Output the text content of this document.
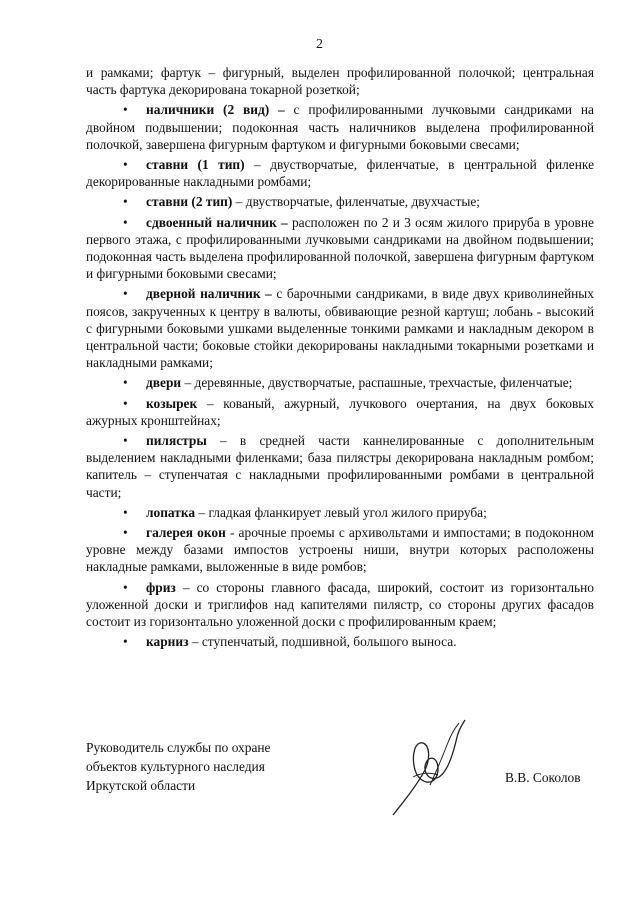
2

и рамками; фартук – фигурный, выделен профилированной полочкой; центральная часть фартука декорирована токарной розеткой;

• наличники (2 вид) – с профилированными лучковыми сандриками на двойном подвышении; подоконная часть наличников выделена профилированной полочкой, завершена фигурным фартуком и фигурными боковыми свесами;

• ставни (1 тип) – двустворчатые, филенчатые, в центральной филенке декорированные накладными ромбами;

• ставни (2 тип) – двустворчатые, филенчатые, двухчастые;

• сдвоенный наличник – расположен по 2 и 3 осям жилого прируба в уровне первого этажа, с профилированными лучковыми сандриками на двойном подвышении; подоконная часть выделена профилированной полочкой, завершена фигурным фартуком и фигурными боковыми свесами;

• дверной наличник – с барочными сандриками, в виде двух криволинейных поясов, закрученных к центру в валюты, обвивающие резной картуш; лобань - высокий с фигурными боковыми ушками выделенные тонкими рамками и накладным декором в центральной части; боковые стойки декорированы накладными токарными розетками и накладными рамками;

• двери – деревянные, двустворчатые, распашные, трехчастые, филенчатые;

• козырек – кованый, ажурный, лучкового очертания, на двух боковых ажурных кронштейнах;

• пилястры – в средней части каннелированные с дополнительным выделением накладными филенками; база пилястры декорирована накладным ромбом; капитель – ступенчатая с накладными профилированными ромбами в центральной части;

• лопатка – гладкая фланкирует левый угол жилого прируба;

• галерея окон - арочные проемы с архивольтами и импостами; в подоконном уровне между базами импостов устроены ниши, внутри которых расположены накладные рамками, выложенные в виде ромбов;

• фриз – со стороны главного фасада, широкий, состоит из горизонтально уложенной доски и триглифов над капителями пилястр, со стороны других фасадов состоит из горизонтально уложенной доски с профилированным краем;

• карниз – ступенчатый, подшивной, большого выноса.

Руководитель службы по охране
объектов культурного наследия
Иркутской области
В.В. Соколов
